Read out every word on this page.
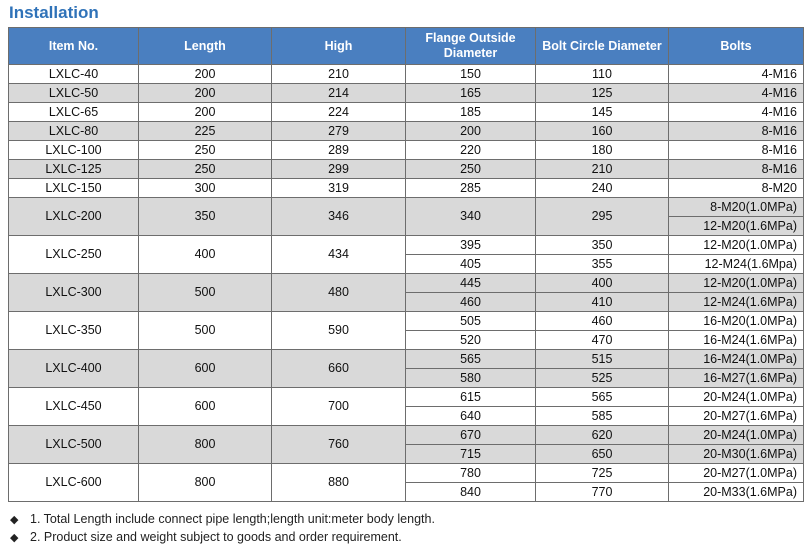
Installation
Item No.	Length	High	Flange Outside Diameter	Bolt Circle Diameter	Bolts
LXLC-40	200	210	150	110	4-M16
LXLC-50	200	214	165	125	4-M16
LXLC-65	200	224	185	145	4-M16
LXLC-80	225	279	200	160	8-M16
LXLC-100	250	289	220	180	8-M16
LXLC-125	250	299	250	210	8-M16
LXLC-150	300	319	285	240	8-M20
LXLC-200	350	346	340	295	8-M20(1.0MPa)
					12-M20(1.6MPa)
LXLC-250	400	434	395	350	12-M20(1.0MPa)
			405	355	12-M24(1.6Mpa)
LXLC-300	500	480	445	400	12-M20(1.0MPa)
			460	410	12-M24(1.6MPa)
LXLC-350	500	590	505	460	16-M20(1.0MPa)
			520	470	16-M24(1.6MPa)
LXLC-400	600	660	565	515	16-M24(1.0MPa)
			580	525	16-M27(1.6MPa)
LXLC-450	600	700	615	565	20-M24(1.0MPa)
			640	585	20-M27(1.6MPa)
LXLC-500	800	760	670	620	20-M24(1.0MPa)
			715	650	20-M30(1.6MPa)
LXLC-600	800	880	780	725	20-M27(1.0MPa)
			840	770	20-M33(1.6MPa)
◆ 1. Total Length include connect pipe length;length unit:meter body length.
◆ 2. Product size and weight subject to goods and order requirement.
